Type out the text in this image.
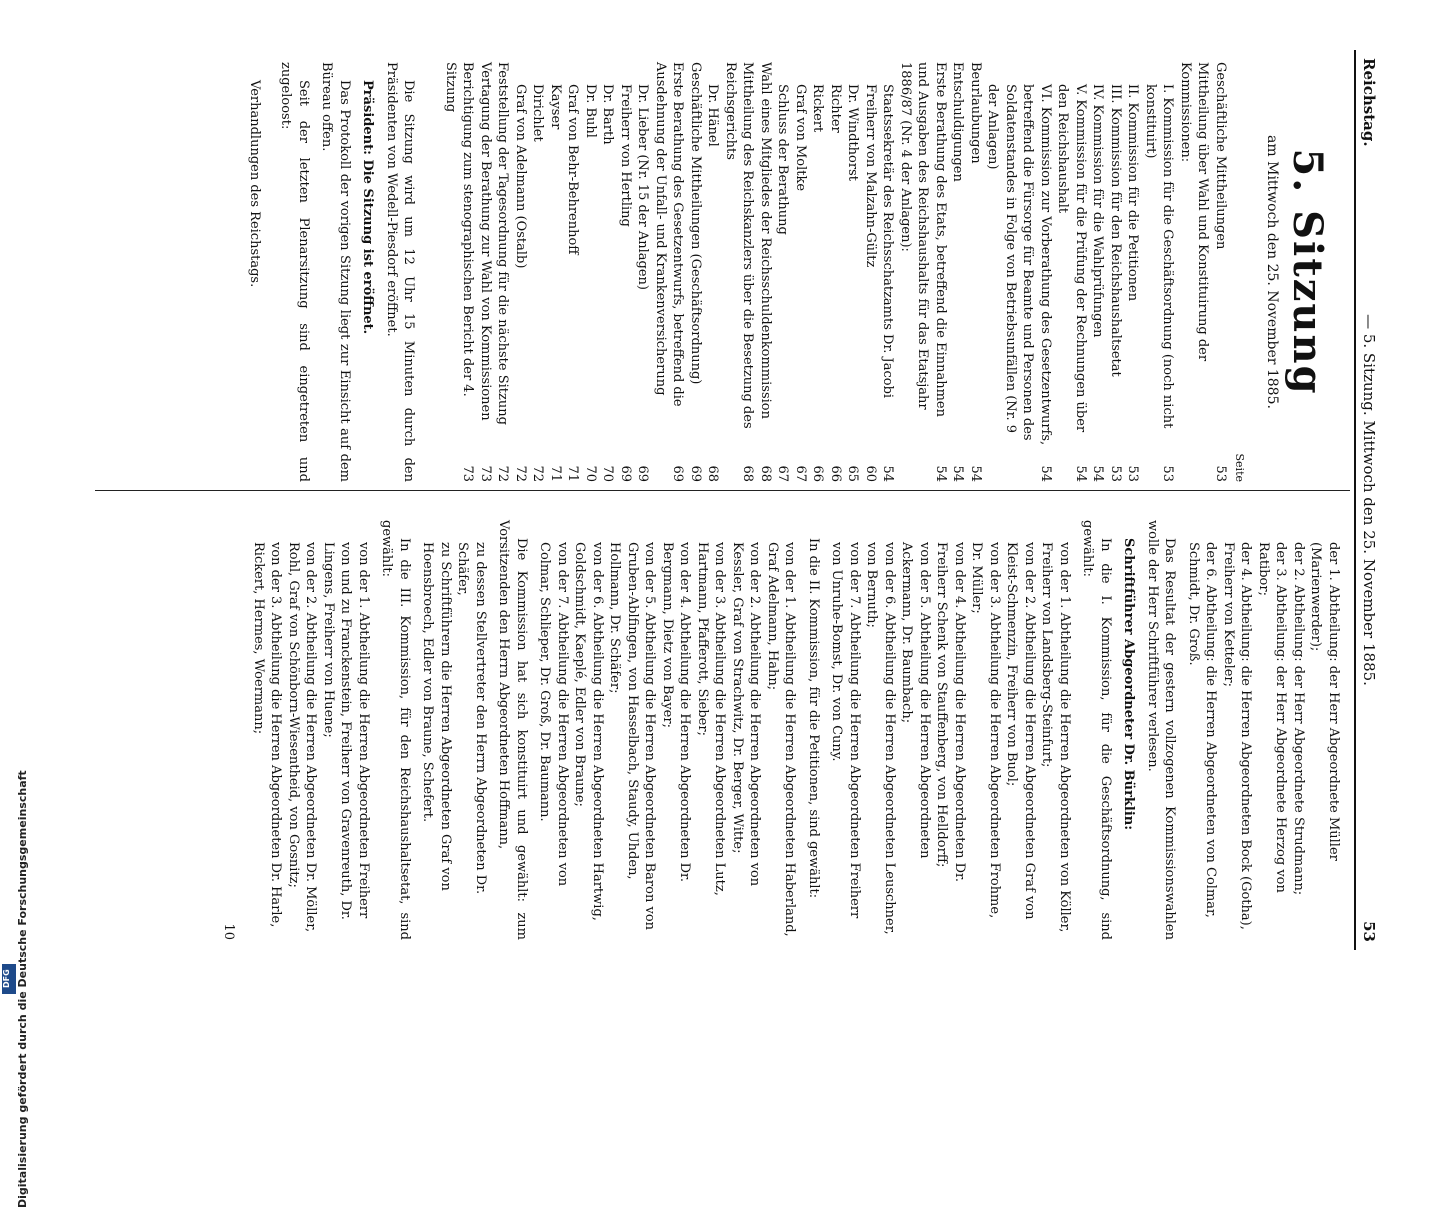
Reichstag.
— 5. Sitzung. Mittwoch den 25. November 1885.
53
5. Sitzung
am Mittwoch den 25. November 1885.
Seite
Geschäftliche Mittheilungen
53
Mittheilung über Wahl und Konstituirung der Kommissionen:
I. Kommission für die Geschäftsordnung (noch nicht konstituirt)
53
II. Kommission für die Petitionen
53
III. Kommission für den Reichshaushaltsetat
53
IV. Kommission für die Wahlprüfungen
54
V. Kommission für die Prüfung der Rechnungen über den Reichshaushalt
54
VI. Kommission zur Vorberathung des Gesetzentwurfs, betreffend die Fürsorge für Beamte und Personen des Soldatenstandes in Folge von Betriebsunfällen (Nr. 9 der Anlagen)
54
Beurlaubungen
54
Entschuldigungen
54
Erste Berathung des Etats, betreffend die Einnahmen und Ausgaben des Reichshaushalts für das Etatsjahr 1886/87 (Nr. 4 der Anlagen):
54
Staatssekretär des Reichsschatzamts Dr. Jacobi
54
Freiherr von Malzahn-Gültz
60
Dr. Windthorst
65
Richter
66
Rickert
66
Graf von Moltke
67
Schluss der Berathung
67
Wahl eines Mitgliedes der Reichsschuldenkommission
68
Mittheilung des Reichskanzlers über die Besetzung des Reichsgerichts
68
Dr. Hänel
68
Geschäftliche Mittheilungen (Geschäftsordnung)
69
Erste Berathung des Gesetzentwurfs, betreffend die Ausdehnung der Unfall- und Krankenversicherung
69
Dr. Lieber (Nr. 15 der Anlagen)
69
Freiherr von Hertling
69
Dr. Barth
70
Dr. Buhl
70
Graf von Behr-Behrenhoff
71
Kayser
71
Dirichlet
72
Graf von Adelmann (Ostalb)
72
Feststellung der Tagesordnung für die nächste Sitzung
72
Vertagung der Berathung zur Wahl von Kommissionen
73
Berichtigung zum stenographischen Bericht der 4. Sitzung
73

Die Sitzung wird um 12 Uhr 15 Minuten durch den Präsidenten von Wedell-Piesdorf eröffnet.

Präsident: Die Sitzung ist eröffnet.

Das Protokoll der vorigen Sitzung liegt zur Einsicht auf dem Büreau offen.

Seit der letzten Plenarsitzung sind eingetreten und zugeloost:

Verhandlungen des Reichstags.

der 1. Abtheilung: der Herr Abgeordnete Müller (Marienwerder);
der 2. Abtheilung: der Herr Abgeordnete Strudmann;
der 3. Abtheilung: der Herr Abgeordnete Herzog von Ratibor;
der 4. Abtheilung: die Herren Abgeordneten Bock (Gotha), Freiherr von Ketteler;
der 6. Abtheilung: die Herren Abgeordneten von Colmar, Schmidt, Dr. Groß.

Das Resultat der gestern vollzogenen Kommissionswahlen wolle der Herr Schriftführer verlesen.

Schriftführer Abgeordneter Dr. Bürklin:

In die I. Kommission, für die Geschäftsordnung, sind gewählt:

von der 1. Abtheilung die Herren Abgeordneten von Köller, Freiherr von Landsberg-Steinfurt;
von der 2. Abtheilung die Herren Abgeordneten Graf von Kleist-Schmenzin, Freiherr von Buol;
von der 3. Abtheilung die Herren Abgeordneten Frohme, Dr. Müller;
von der 4. Abtheilung die Herren Abgeordneten Dr. Freiherr Schenk von Stauffenberg, von Helldorff;
von der 5. Abtheilung die Herren Abgeordneten Ackermann, Dr. Baumbach;
von der 6. Abtheilung die Herren Abgeordneten Leuschner, von Bernuth;
von der 7. Abtheilung die Herren Abgeordneten Freiherr von Unruhe-Bomst, Dr. von Cuny.

In die II. Kommission, für die Petitionen, sind gewählt:

von der 1. Abtheilung die Herren Abgeordneten Haberland, Graf Adelmann, Hahn;
von der 2. Abtheilung die Herren Abgeordneten von Kessler, Graf von Strachwitz, Dr. Berger, Witte;
von der 3. Abtheilung die Herren Abgeordneten Lutz, Hartmann, Pfafferott, Sieber;
von der 4. Abtheilung die Herren Abgeordneten Dr. Bergmann, Dietz von Bayer;
von der 5. Abtheilung die Herren Abgeordneten Baron von Gruben-Ablfingen, von Hasselbach, Staudy, Uhden, Hollmann, Dr. Schäfer;
von der 6. Abtheilung die Herren Abgeordneten Hartwig, Goldschmidt, Kaeplé, Edler von Braune;
von der 7. Abtheilung die Herren Abgeordneten von Colmar, Schlieper, Dr. Groß, Dr. Baumann.

Die Kommission hat sich konstituirt und gewählt: zum Vorsitzenden den Herrn Abgeordneten Hoffmann,

zu dessen Stellvertreter den Herrn Abgeordneten Dr. Schäfer,
zu Schriftführern die Herren Abgeordneten Graf von Hoensbroech, Edler von Braune, Schefert.

In die III. Kommission, für den Reichshaushaltsetat, sind gewählt:

von der 1. Abtheilung die Herren Abgeordneten Freiherr von und zu Franckenstein, Freiherr von Gravenreuth, Dr. Lingens, Freiherr von Huene;
von der 2. Abtheilung die Herren Abgeordneten Dr. Möller, Rohl, Graf von Schönborn-Wiesentheid, von Gosnitz;
von der 3. Abtheilung die Herren Abgeordneten Dr. Harle, Rickert, Hermes, Woermann;
10
Digitalisierung gefördert durch die Deutsche Forschungsgemeinschaft
DFG
